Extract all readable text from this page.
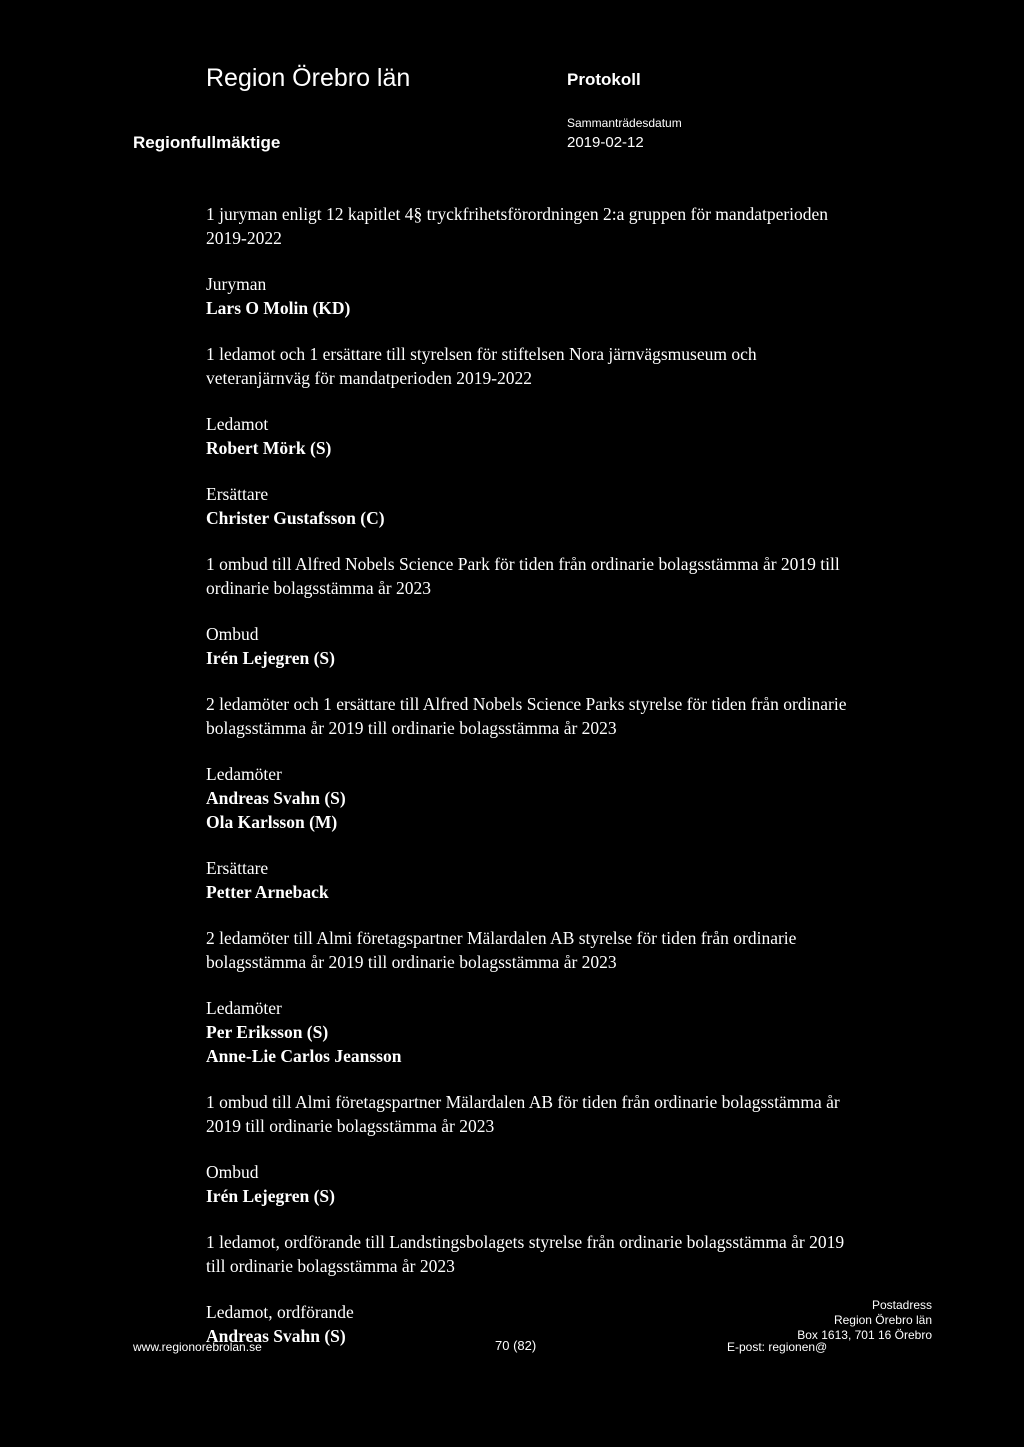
Region Örebro län	Protokoll
Regionfullmäktige
Sammanträdesdatum
2019-02-12
1 juryman enligt 12 kapitlet 4§ tryckfrihetsförordningen 2:a gruppen för mandatperioden
2019-2022
Juryman
Lars O Molin (KD)
1 ledamot och 1 ersättare till styrelsen för stiftelsen Nora järnvägsmuseum och
veteranjärnväg för mandatperioden 2019-2022
Ledamot
Robert Mörk (S)
Ersättare
Christer Gustafsson (C)
1 ombud till Alfred Nobels Science Park för tiden från ordinarie bolagsstämma år 2019 till
ordinarie bolagsstämma år 2023
Ombud
Irén Lejegren (S)
2 ledamöter och 1 ersättare till Alfred Nobels Science Parks styrelse för tiden från ordinarie
bolagsstämma år 2019 till ordinarie bolagsstämma år 2023
Ledamöter
Andreas Svahn (S)
Ola Karlsson (M)
Ersättare
Petter Arneback
2 ledamöter till Almi företagspartner Mälardalen AB styrelse för tiden från ordinarie
bolagsstämma år 2019 till ordinarie bolagsstämma år 2023
Ledamöter
Per Eriksson (S)
Anne-Lie Carlos Jeansson
1 ombud till Almi företagspartner Mälardalen AB för tiden från ordinarie bolagsstämma år
2019 till ordinarie bolagsstämma år 2023
Ombud
Irén Lejegren (S)
1 ledamot, ordförande till Landstingsbolagets styrelse från ordinarie bolagsstämma år 2019
till ordinarie bolagsstämma år 2023
Ledamot, ordförande
Andreas Svahn (S)
www.regionorebrolan.se	70 (82)	E-post: regionen@
Postadress
Region Örebro län
Box 1613, 701 16 Örebro
